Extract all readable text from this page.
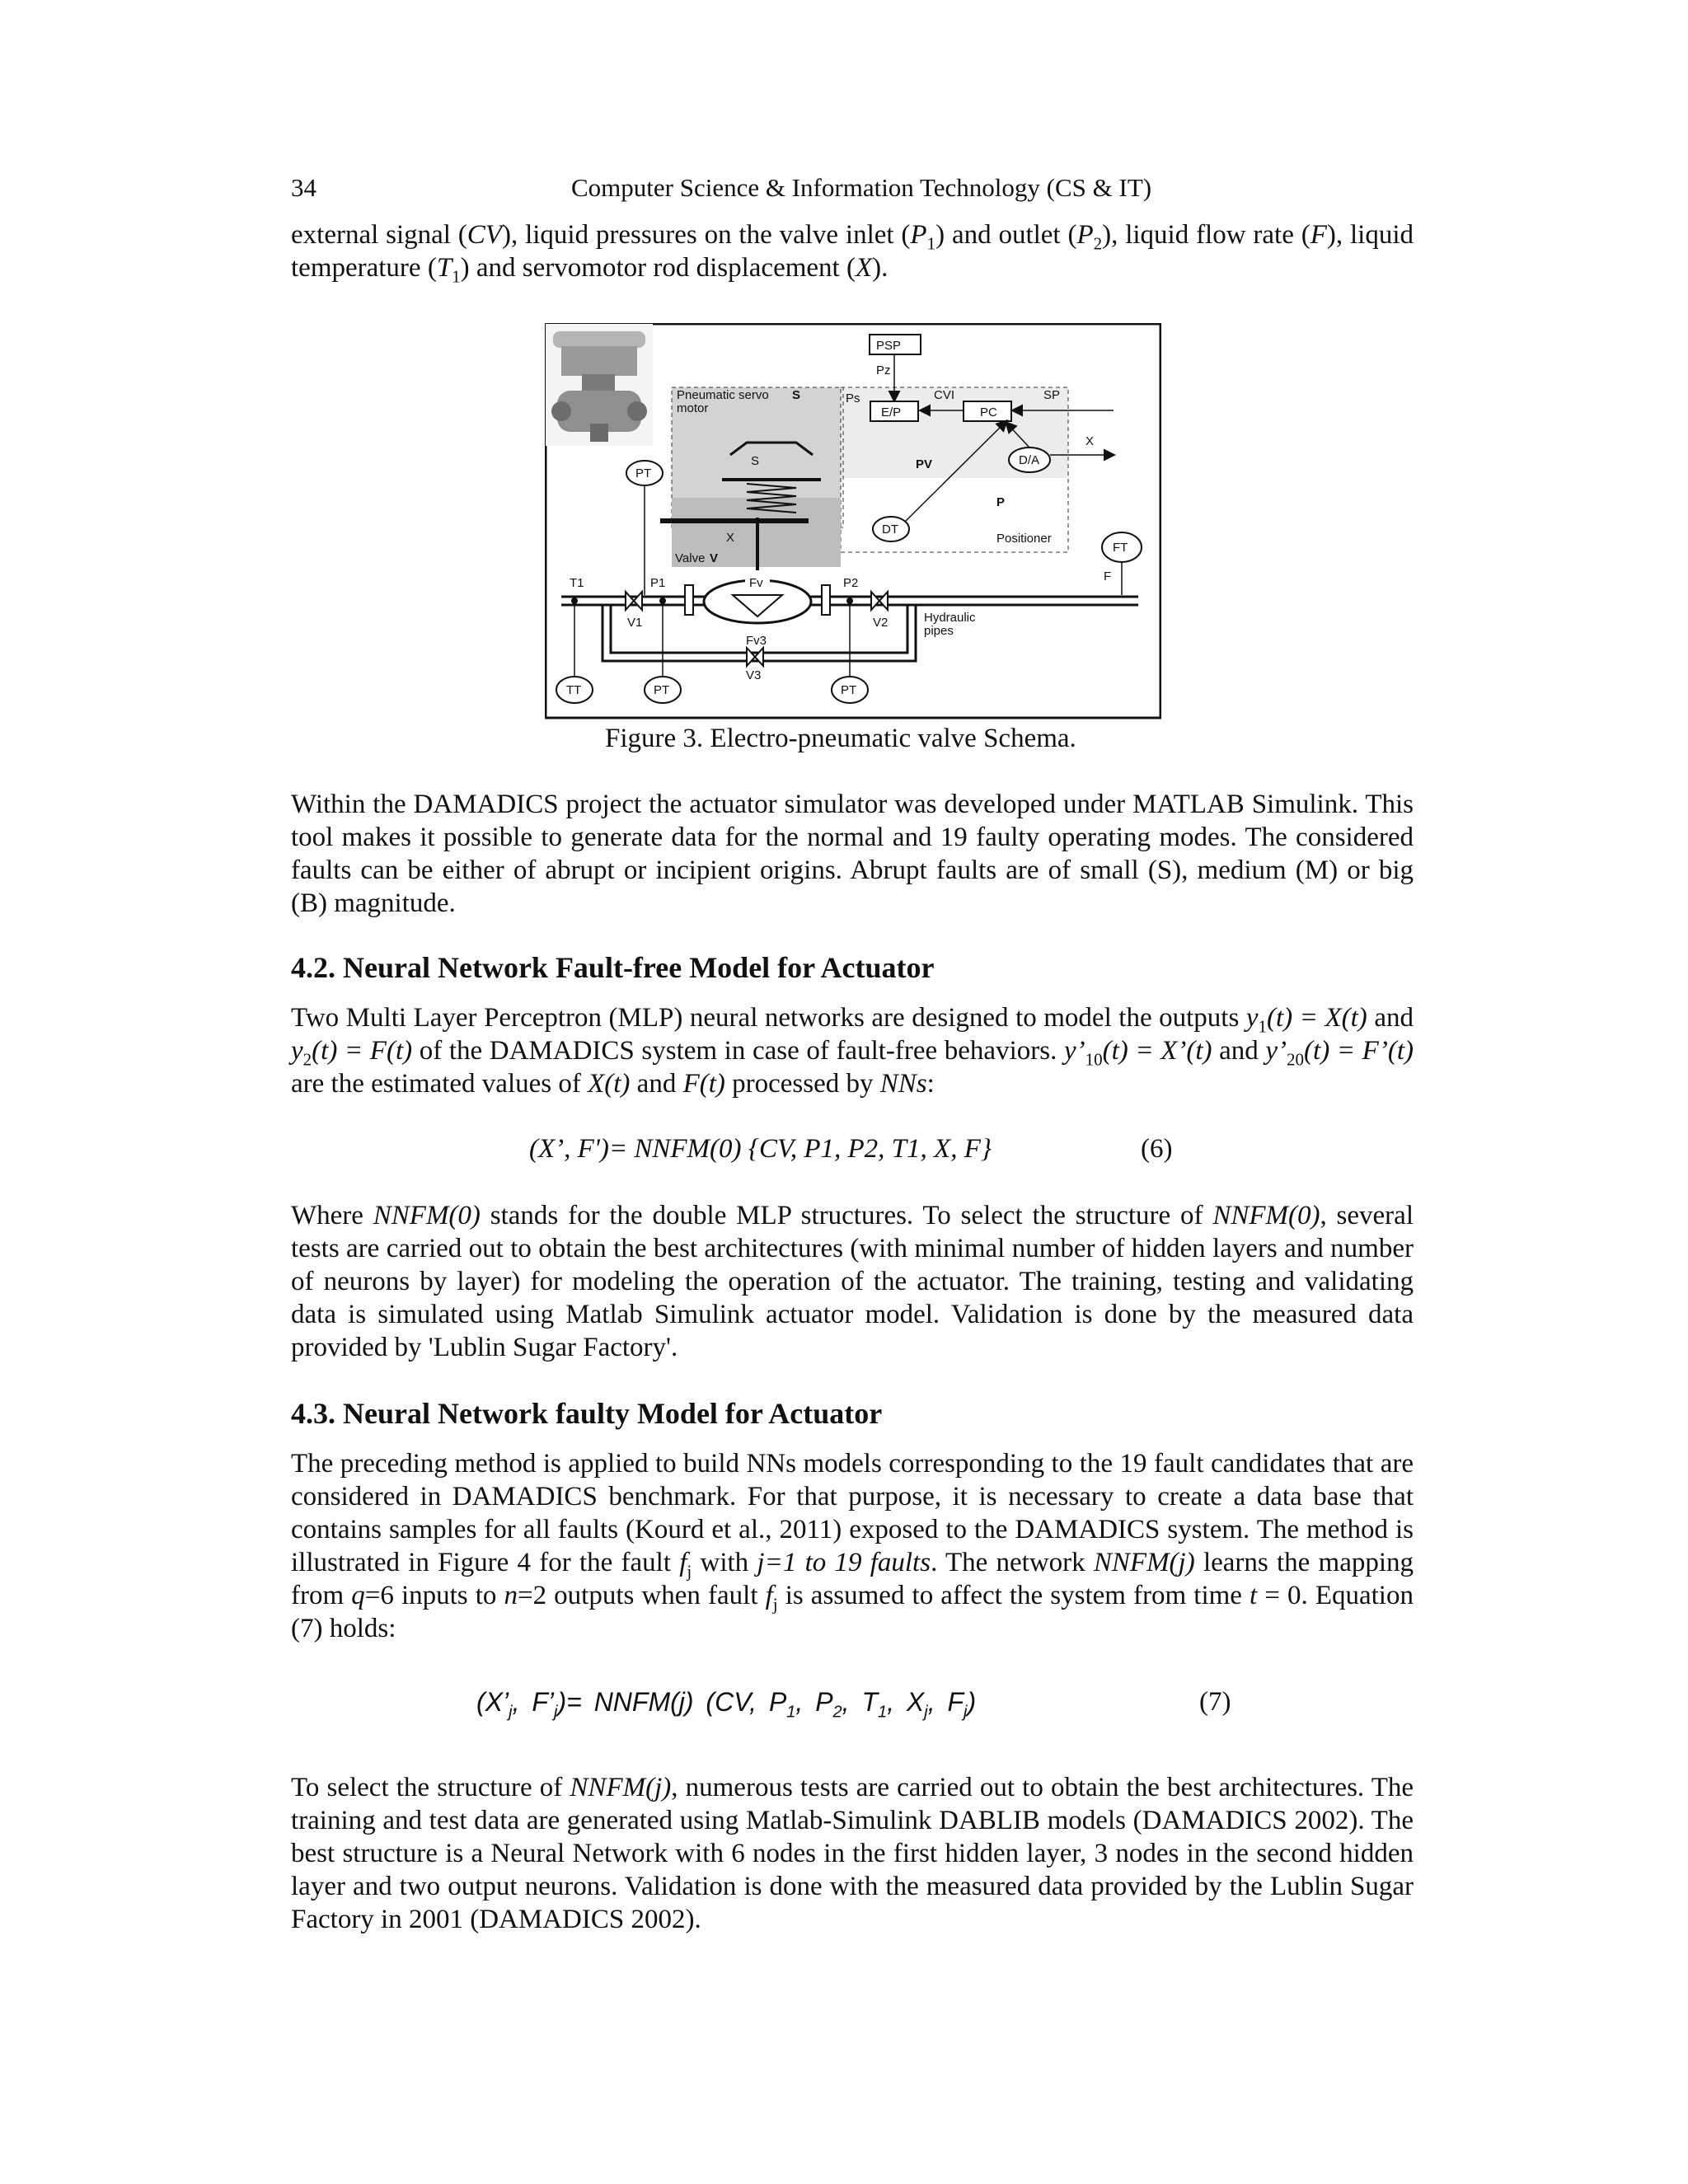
34	Computer Science & Information Technology (CS & IT)

external signal (CV), liquid pressures on the valve inlet $(P_1)$ and outlet $(P_2)$, liquid flow rate (F), liquid temperature $(T_1)$ and servomotor rod displacement (X).

PSP
Pz
Pneumatic servo
motor
S	Ps
E/P
CVI
PC
SP
D/A
X
PV
P
DT
Positioner
PT
S
X
Valve V
FT
F
T1	P1	P2
V1
Fv
V2	Hydraulic
pipes
Fv3
V3
TT	PT	PT
Figure 3. Electro-pneumatic valve Schema.

Within the DAMADICS project the actuator simulator was developed under MATLAB Simulink. This tool makes it possible to generate data for the normal and 19 faulty operating modes. The considered faults can be either of abrupt or incipient origins. Abrupt faults are of small (S), medium (M) or big (B) magnitude.

4.2. Neural Network Fault-free Model for Actuator

Two Multi Layer Perceptron (MLP) neural networks are designed to model the outputs $y_1(t) = X(t)$ and $y_2(t) = F(t)$ of the DAMADICS system in case of fault-free behaviors. $y’_{10}(t)$ = X’(t) and $y’_{20}(t)$ = F’(t) are the estimated values of X(t) and F(t) processed by NNs:

(X’, F')= NNFM(0) {CV, P1, P2, T1, X, F}	(6)

Where NNFM(0) stands for the double MLP structures. To select the structure of NNFM(0), several tests are carried out to obtain the best architectures (with minimal number of hidden layers and number of neurons by layer) for modeling the operation of the actuator. The training, testing and validating data is simulated using Matlab Simulink actuator model. Validation is done by the measured data provided by 'Lublin Sugar Factory'.

4.3. Neural Network faulty Model for Actuator

The preceding method is applied to build NNs models corresponding to the 19 fault candidates that are considered in DAMADICS benchmark. For that purpose, it is necessary to create a data base that contains samples for all faults (Kourd et al., 2011) exposed to the DAMADICS system. The method is illustrated in Figure 4 for the fault $f_j$ with j=1 to 19 faults. The network NNFM(j) learns the mapping from q=6 inputs to n=2 outputs when fault $f_j$ is assumed to affect the system from time t = 0. Equation (7) holds:

($X’_j$, $F’_j)=$ NNFM(j) (CV, $P_1$, $P_2$, $T_1$, $X_j$, $F_j$)	(7)

To select the structure of NNFM(j), numerous tests are carried out to obtain the best architectures. The training and test data are generated using Matlab-Simulink DABLIB models (DAMADICS 2002). The best structure is a Neural Network with 6 nodes in the first hidden layer, 3 nodes in the second hidden layer and two output neurons. Validation is done with the measured data provided by the Lublin Sugar Factory in 2001 (DAMADICS 2002).
